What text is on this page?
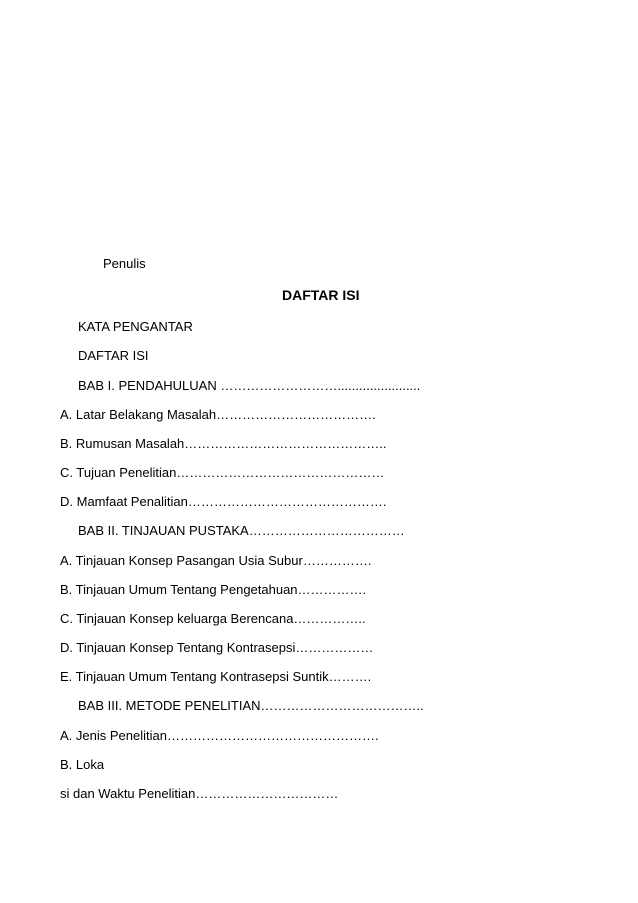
Penulis
DAFTAR ISI
KATA PENGANTAR
DAFTAR ISI
BAB I. PENDAHULUAN ……………………….......................
A. Latar Belakang Masalah……………………………….
B. Rumusan Masalah………………………………………..
C. Tujuan Penelitian…………………………………………
D. Mamfaat Penalitian……………………………………….
BAB II. TINJAUAN PUSTAKA………………………………
A. Tinjauan Konsep Pasangan Usia Subur…………….
B. Tinjauan Umum Tentang Pengetahuan…………….
C. Tinjauan Konsep keluarga Berencana……………..
D. Tinjauan Konsep Tentang Kontrasepsi………………
E. Tinjauan Umum Tentang Kontrasepsi Suntik……….
BAB III. METODE PENELITIAN………………………………..
A. Jenis Penelitian………………………………………….
B. Loka
si dan Waktu Penelitian……………………………
